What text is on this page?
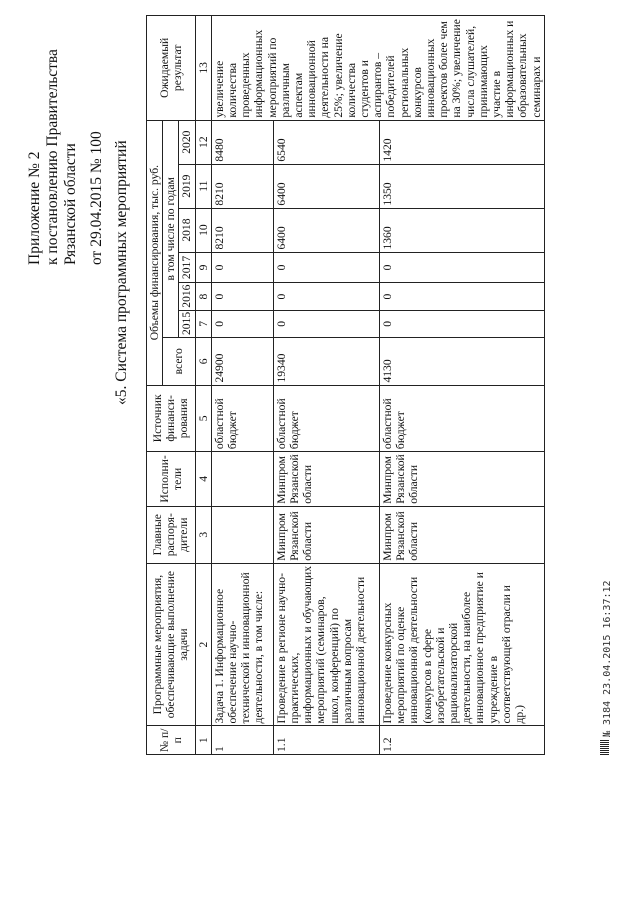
Приложение № 2 к постановлению Правительства Рязанской области от 29.04.2015 № 100 «5. Система программных мероприятий
№ п/п	Программные мероприятия, обеспечивающие выполнение задачи	Главные распоря-дители	Исполни-тели	Источник финанси-рования	Объемы финансирования, тыс. руб.							Ожидаемый результат
					всего	в том числе по годам						
						2015	2016	2017	2018	2019	2020	
1	2	3	4	5	6	7	8	9	10	11	12	13
1	Задача 1. Информационное обеспечение научно-технической и инновационной деятельности, в том числе:			областной бюджет	24900	0	0	0	8210	8210	8480	увеличение количества проведенных информационных мероприятий по различным аспектам инновационной деятельности на 25%; увеличение количества студентов и аспирантов – победителей региональных конкурсов инновационных проектов более чем на 30%; увеличение числа слушателей, принимающих участие в информационных и образовательных семинарах и
1.1	Проведение в регионе научно-практических, информационных и обучающих мероприятий (семинаров, школ, конференций) по различным вопросам инновационной деятельности	Минпром Рязанской области	Минпром Рязанской области	областной бюджет	19340	0	0	0	6400	6400	6540	
1.2	Проведение конкурсных мероприятий по оценке инновационной деятельности (конкурсов в сфере изобретательской и рационализаторской деятельности, на наиболее инновационное предприятие и учреждение в соответствующей отрасли и др.)	Минпром Рязанской области	Минпром Рязанской области	областной бюджет	4130	0	0	0	1360	1350	1420	
№ 3184 23.04.2015 16:37:12
